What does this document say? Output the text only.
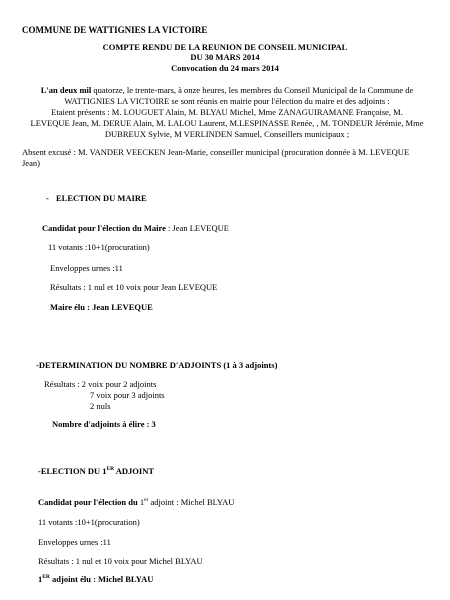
COMMUNE DE WATTIGNIES LA VICTOIRE
COMPTE RENDU DE LA REUNION DE CONSEIL MUNICIPAL
DU 30 MARS 2014
Convocation du 24 mars 2014
L'an deux mil quatorze, le trente-mars, à onze heures, les membres du Conseil Municipal de la Commune de
WATTIGNIES LA VICTOIRE se sont réunis en mairie pour l'élection du maire et des adjoints :
Etaient présents : M. LOUGUET Alain, M. BLYAU Michel, Mme ZANAGUIRAMANE Françoise, M.
LEVEQUE Jean, M. DERUE Alain, M. LALOU Laurent, M.LESPINASSE Renée, , M. TONDEUR Jérémie, Mme
DUBREUX Sylvie, M VERLINDEN Samuel, Conseillers municipaux ;
Absent excusé : M. VANDER VEECKEN Jean-Marie, conseiller municipal (procuration donnée à M. LEVEQUE
Jean)
- ELECTION DU MAIRE
Candidat pour l'élection du Maire : Jean LEVEQUE
11 votants :10+1(procuration)
Enveloppes urnes :11
Résultats : 1 nul et 10 voix pour Jean LEVEQUE
Maire élu : Jean LEVEQUE
-DETERMINATION DU NOMBRE D'ADJOINTS (1 à 3 adjoints)
Résultats : 2 voix pour 2 adjoints
7 voix pour 3 adjoints
2 nuls
Nombre d'adjoints à élire : 3
-ELECTION DU 1ER ADJOINT
Candidat pour l'élection du 1er adjoint : Michel BLYAU
11 votants :10+1(procuration)
Enveloppes urnes :11
Résultats : 1 nul et 10 voix pour Michel BLYAU
1ER adjoint élu : Michel BLYAU
